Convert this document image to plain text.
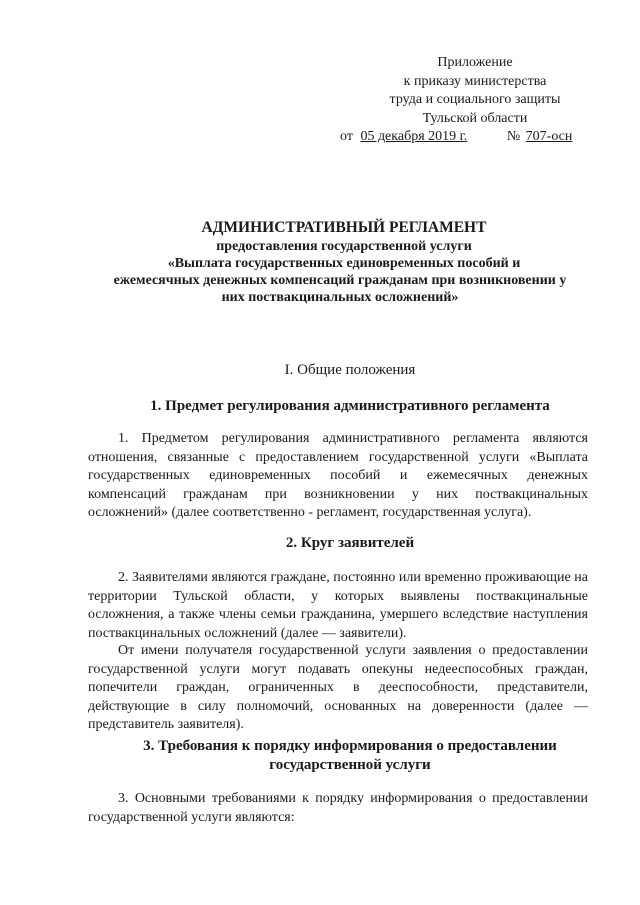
Приложение
к приказу министерства
труда и социального защиты
Тульской области
от 05 декабря 2019 г.	№ 707-осн
АДМИНИСТРАТИВНЫЙ РЕГЛАМЕНТ
предоставления государственной услуги
«Выплата государственных единовременных пособий и
ежемесячных денежных компенсаций гражданам при возникновении у
них поствакцинальных осложнений»
I. Общие положения
1. Предмет регулирования административного регламента
1. Предметом регулирования административного регламента являются отношения, связанные с предоставлением государственной услуги «Выплата государственных единовременных пособий и ежемесячных денежных компенсаций гражданам при возникновении у них поствакцинальных осложнений» (далее соответственно - регламент, государственная услуга).
2. Круг заявителей
2. Заявителями являются граждане, постоянно или временно проживающие на территории Тульской области, у которых выявлены поствакцинальные осложнения, а также члены семьи гражданина, умершего вследствие наступления поствакцинальных осложнений (далее — заявители).
От имени получателя государственной услуги заявления о предоставлении государственной услуги могут подавать опекуны недееспособных граждан, попечители граждан, ограниченных в дееспособности, представители, действующие в силу полномочий, основанных на доверенности (далее — представитель заявителя).
3. Требования к порядку информирования о предоставлении
государственной услуги
3. Основными требованиями к порядку информирования о предоставлении государственной услуги являются:
